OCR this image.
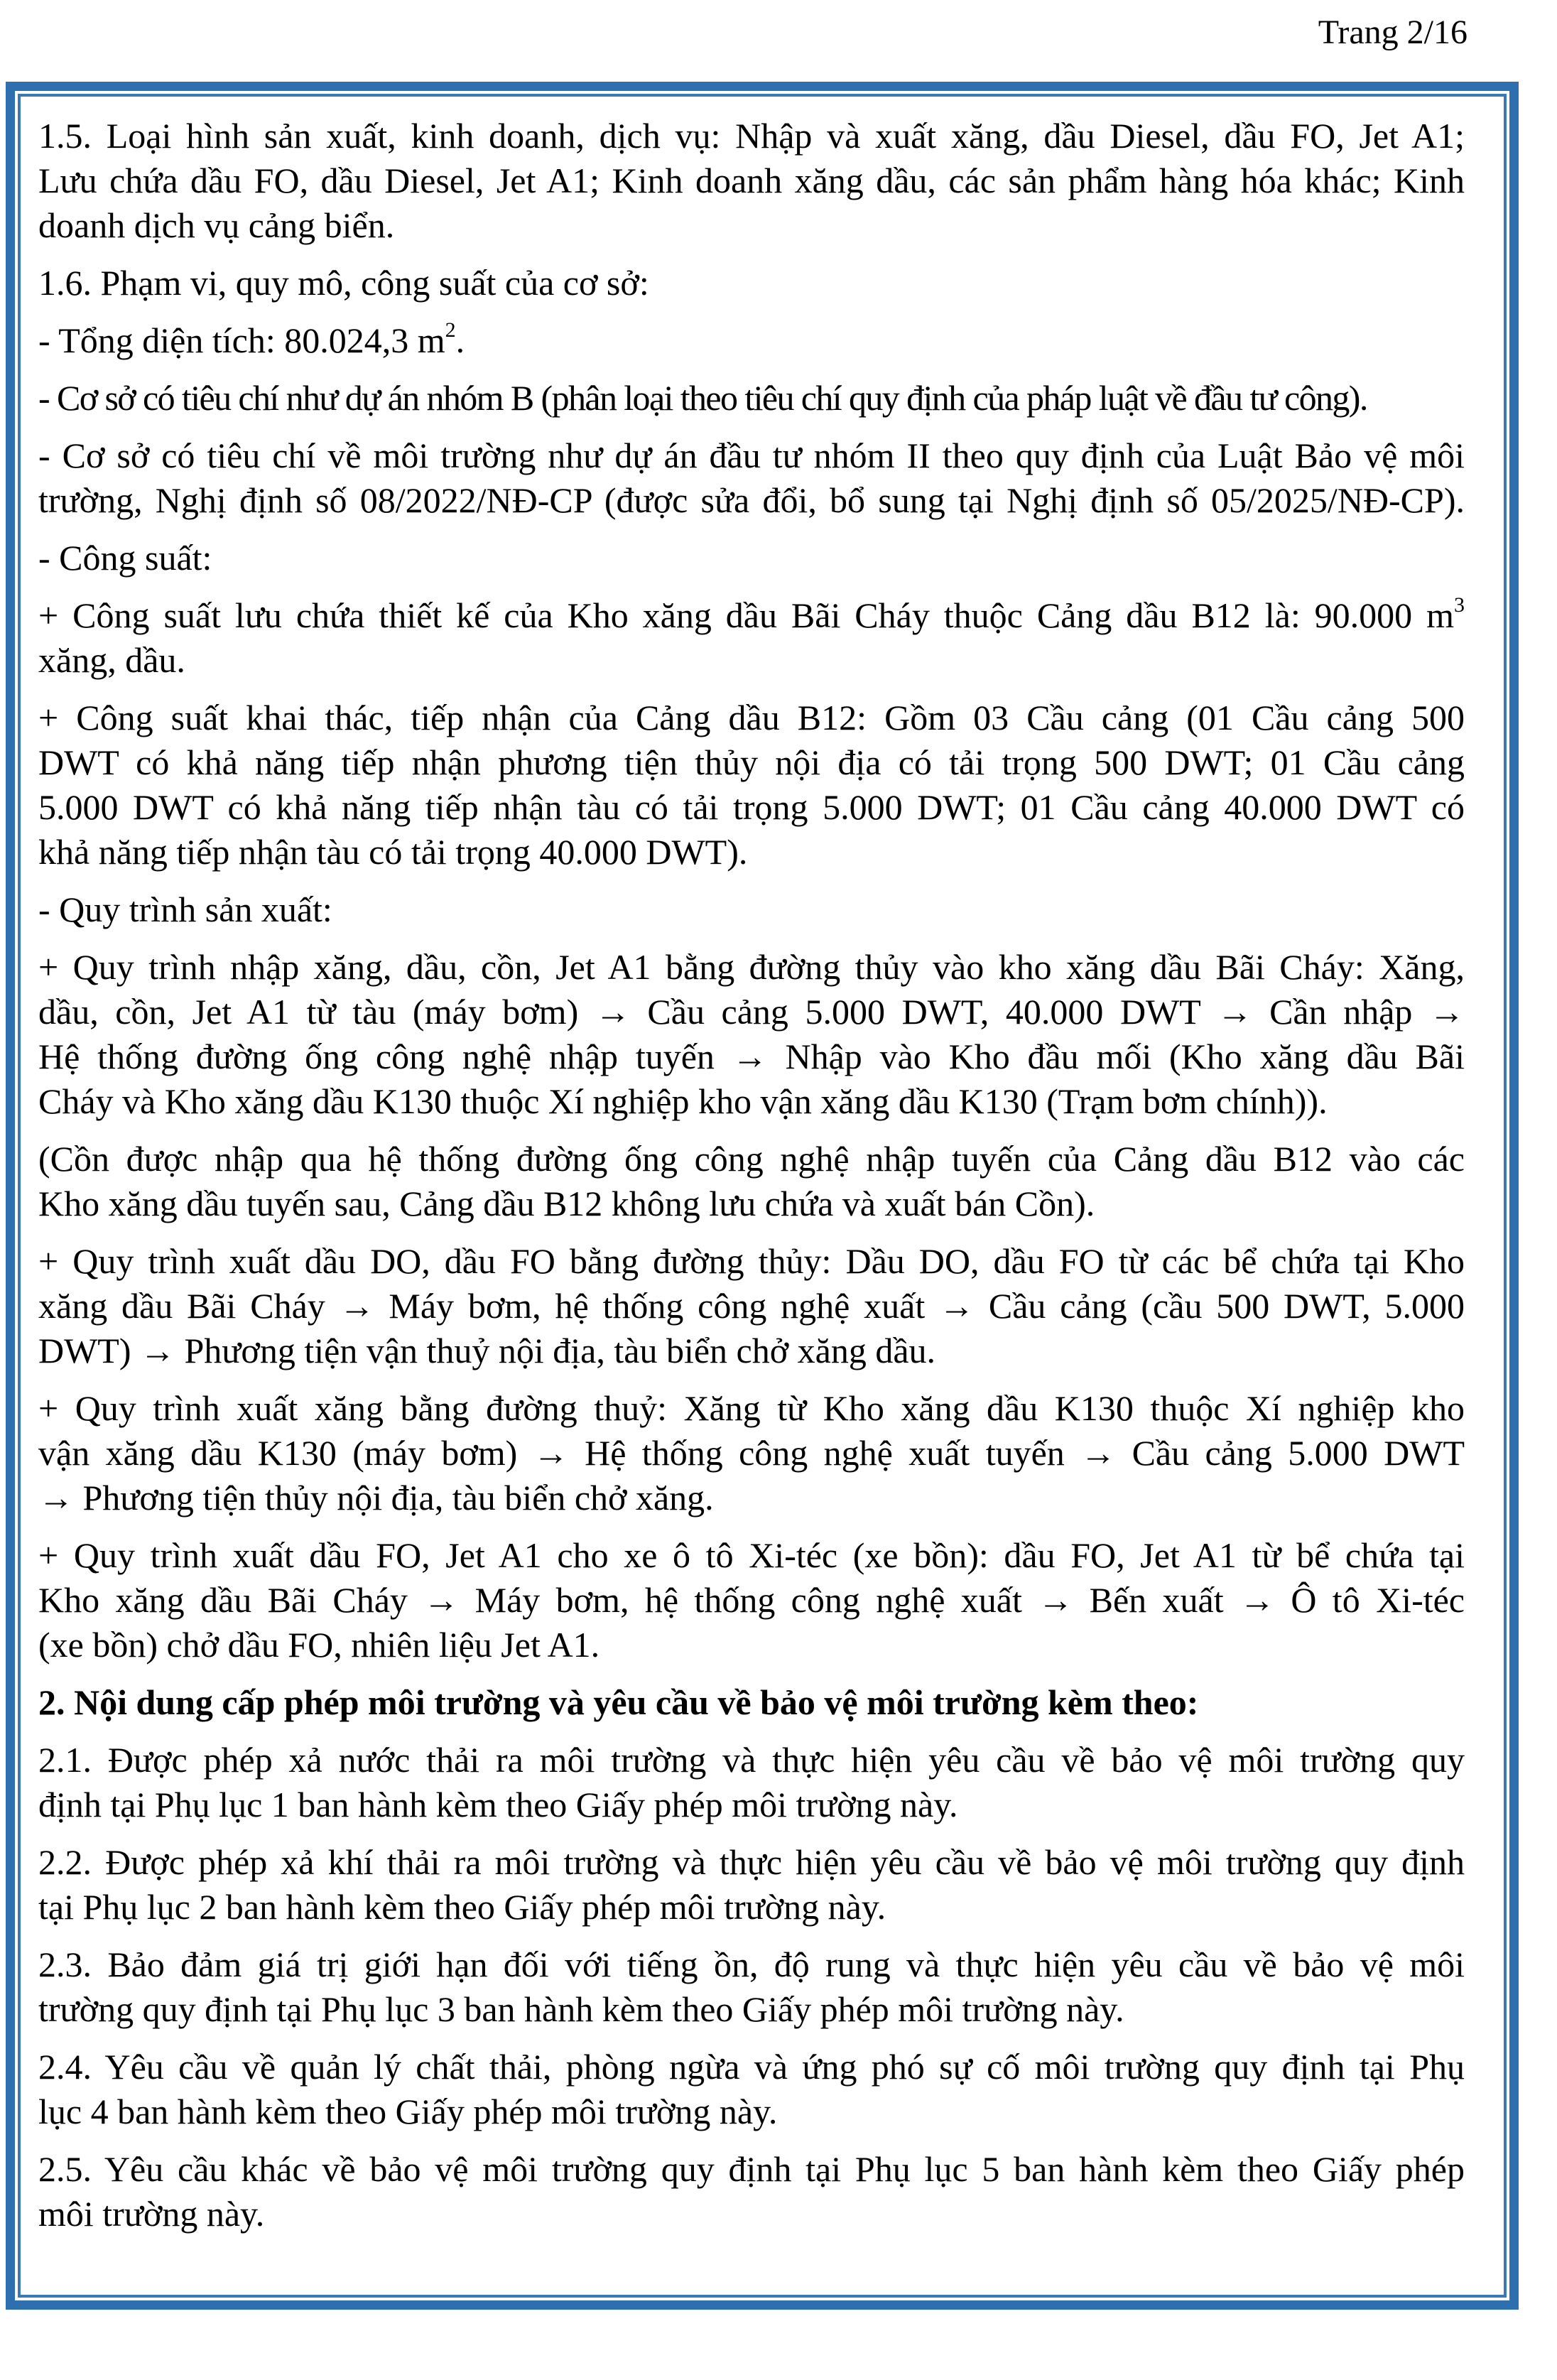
Trang 2/16
1.5. Loại hình sản xuất, kinh doanh, dịch vụ: Nhập và xuất xăng, dầu Diesel, dầu FO, Jet A1;
Lưu chứa dầu FO, dầu Diesel, Jet A1; Kinh doanh xăng dầu, các sản phẩm hàng hóa khác; Kinh
doanh dịch vụ cảng biển.
1.6. Phạm vi, quy mô, công suất của cơ sở:
- Tổng diện tích: 80.024,3 $m^2$.
- Cơ sở có tiêu chí như dự án nhóm B (phân loại theo tiêu chí quy định của pháp luật về đầu tư công).
- Cơ sở có tiêu chí về môi trường như dự án đầu tư nhóm II theo quy định của Luật Bảo vệ môi
trường, Nghị định số 08/2022/NĐ-CP (được sửa đổi, bổ sung tại Nghị định số 05/2025/NĐ-CP).
- Công suất:
+ Công suất lưu chứa thiết kế của Kho xăng dầu Bãi Cháy thuộc Cảng dầu B12 là: 90.000 $m^3$
xăng, dầu.
+ Công suất khai thác, tiếp nhận của Cảng dầu B12: Gồm 03 Cầu cảng (01 Cầu cảng 500
DWT có khả năng tiếp nhận phương tiện thủy nội địa có tải trọng 500 DWT; 01 Cầu cảng
5.000 DWT có khả năng tiếp nhận tàu có tải trọng 5.000 DWT; 01 Cầu cảng 40.000 DWT có
khả năng tiếp nhận tàu có tải trọng 40.000 DWT).
- Quy trình sản xuất:
+ Quy trình nhập xăng, dầu, cồn, Jet A1 bằng đường thủy vào kho xăng dầu Bãi Cháy: Xăng,
dầu, cồn, Jet A1 từ tàu (máy bơm) → Cầu cảng 5.000 DWT, 40.000 DWT → Cần nhập →
Hệ thống đường ống công nghệ nhập tuyến → Nhập vào Kho đầu mối (Kho xăng dầu Bãi
Cháy và Kho xăng dầu K130 thuộc Xí nghiệp kho vận xăng dầu K130 (Trạm bơm chính)).
(Cồn được nhập qua hệ thống đường ống công nghệ nhập tuyến của Cảng dầu B12 vào các
Kho xăng dầu tuyến sau, Cảng dầu B12 không lưu chứa và xuất bán Cồn).
+ Quy trình xuất dầu DO, dầu FO bằng đường thủy: Dầu DO, dầu FO từ các bể chứa tại Kho
xăng dầu Bãi Cháy → Máy bơm, hệ thống công nghệ xuất → Cầu cảng (cầu 500 DWT, 5.000
DWT) → Phương tiện vận thuỷ nội địa, tàu biển chở xăng dầu.
+ Quy trình xuất xăng bằng đường thuỷ: Xăng từ Kho xăng dầu K130 thuộc Xí nghiệp kho
vận xăng dầu K130 (máy bơm) → Hệ thống công nghệ xuất tuyến → Cầu cảng 5.000 DWT
→ Phương tiện thủy nội địa, tàu biển chở xăng.
+ Quy trình xuất dầu FO, Jet A1 cho xe ô tô Xi-téc (xe bồn): dầu FO, Jet A1 từ bể chứa tại
Kho xăng dầu Bãi Cháy → Máy bơm, hệ thống công nghệ xuất → Bến xuất → Ô tô Xi-téc
(xe bồn) chở dầu FO, nhiên liệu Jet A1.
2. Nội dung cấp phép môi trường và yêu cầu về bảo vệ môi trường kèm theo:
2.1. Được phép xả nước thải ra môi trường và thực hiện yêu cầu về bảo vệ môi trường quy
định tại Phụ lục 1 ban hành kèm theo Giấy phép môi trường này.
2.2. Được phép xả khí thải ra môi trường và thực hiện yêu cầu về bảo vệ môi trường quy định
tại Phụ lục 2 ban hành kèm theo Giấy phép môi trường này.
2.3. Bảo đảm giá trị giới hạn đối với tiếng ồn, độ rung và thực hiện yêu cầu về bảo vệ môi
trường quy định tại Phụ lục 3 ban hành kèm theo Giấy phép môi trường này.
2.4. Yêu cầu về quản lý chất thải, phòng ngừa và ứng phó sự cố môi trường quy định tại Phụ
lục 4 ban hành kèm theo Giấy phép môi trường này.
2.5. Yêu cầu khác về bảo vệ môi trường quy định tại Phụ lục 5 ban hành kèm theo Giấy phép
môi trường này.
